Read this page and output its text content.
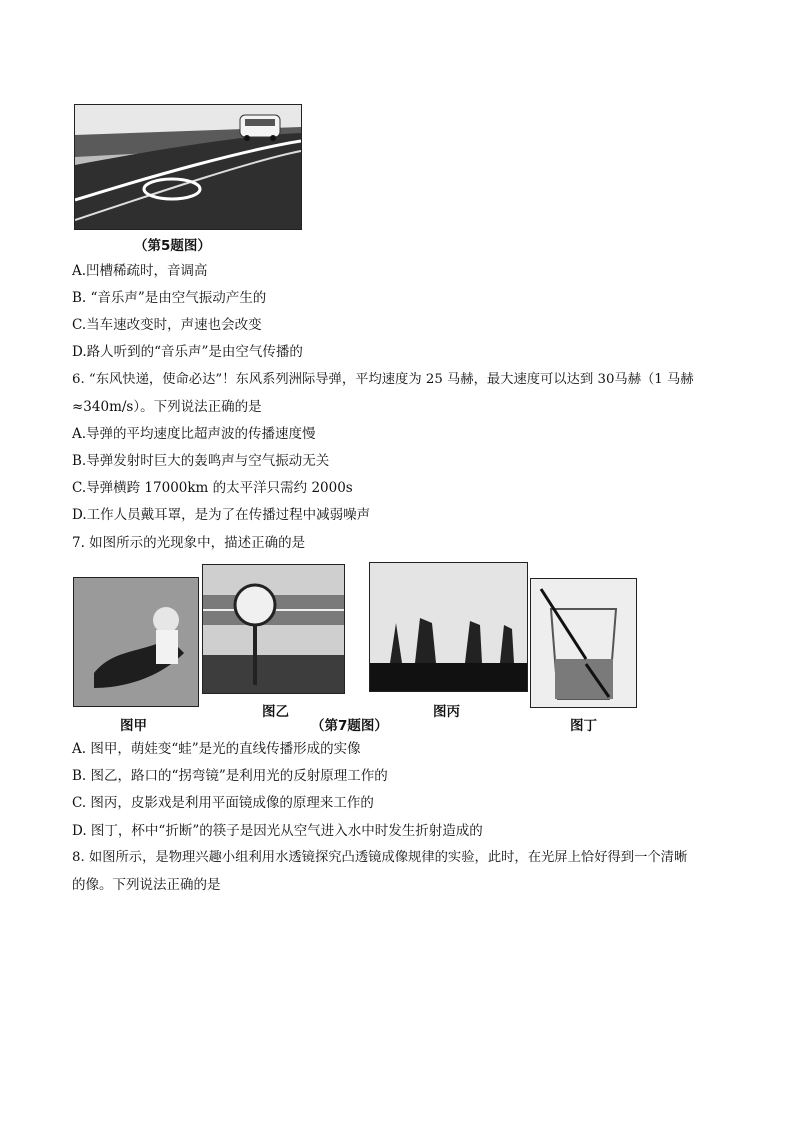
（第5题图）
A.凹槽稀疏时，音调高
B. “音乐声”是由空气振动产生的
C.当车速改变时，声速也会改变
D.路人听到的“音乐声”是由空气传播的
6. “东风快递，使命必达”！东风系列洲际导弹，平均速度为 25 马赫，最大速度可以达到 30马赫（1 马赫
≈340m/s）。下列说法正确的是
A.导弹的平均速度比超声波的传播速度慢
B.导弹发射时巨大的轰鸣声与空气振动无关
C.导弹横跨 17000km 的太平洋只需约 2000s
D.工作人员戴耳罩，是为了在传播过程中减弱噪声
7. 如图所示的光现象中，描述正确的是
图甲
图乙
（第7题图）
图丙
图丁
A. 图甲，萌娃变“蛙”是光的直线传播形成的实像
B. 图乙，路口的“拐弯镜”是利用光的反射原理工作的
C. 图丙，皮影戏是利用平面镜成像的原理来工作的
D. 图丁，杯中“折断”的筷子是因光从空气进入水中时发生折射造成的
8. 如图所示，是物理兴趣小组利用水透镜探究凸透镜成像规律的实验，此时，在光屏上恰好得到一个清晰
的像。下列说法正确的是
